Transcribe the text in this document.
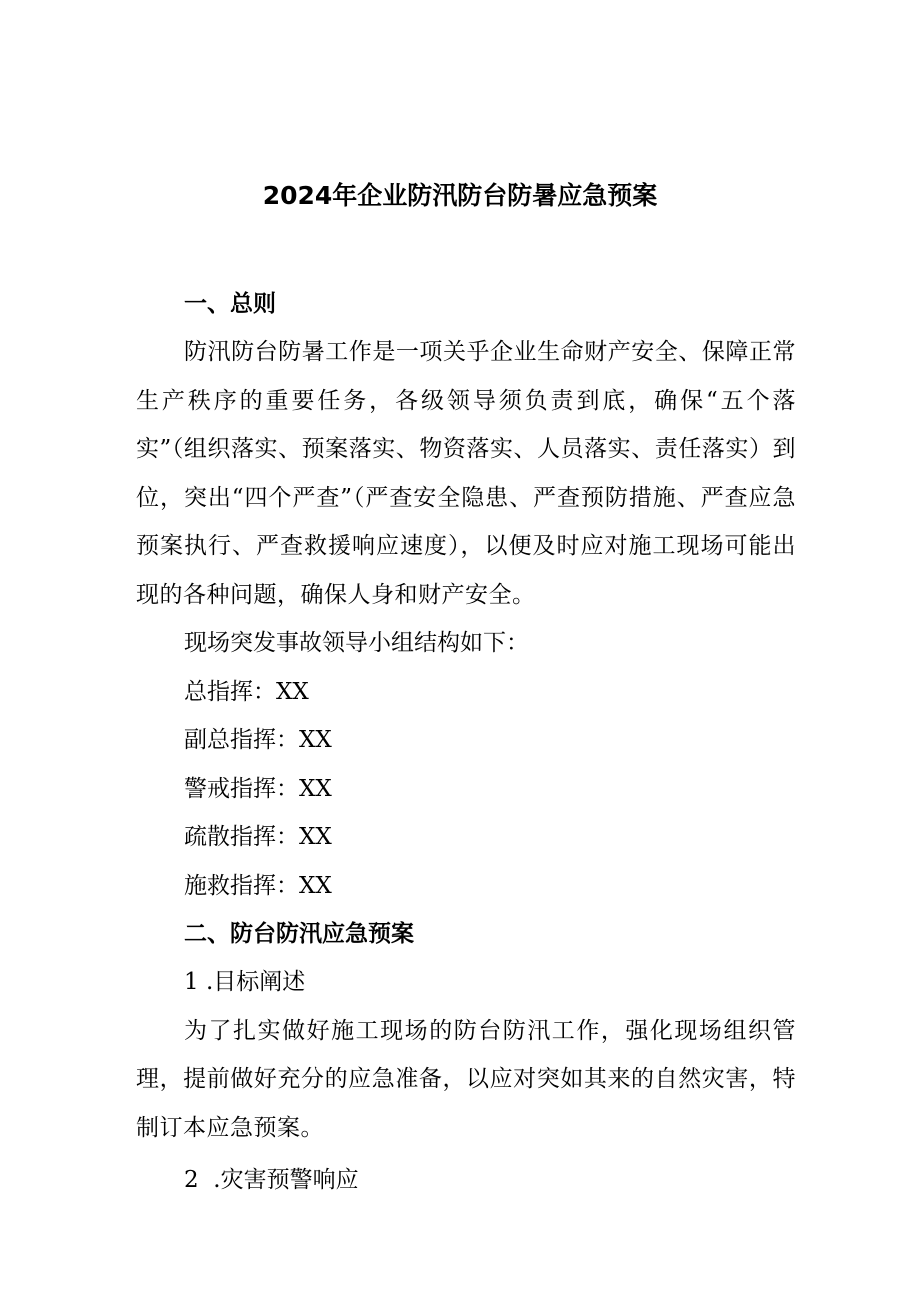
2024年企业防汛防台防暑应急预案
一、总则

防汛防台防暑工作是一项关乎企业生命财产安全、保障正常生产秩序的重要任务，各级领导须负责到底，确保“五个落实”（组织落实、预案落实、物资落实、人员落实、责任落实）到位，突出“四个严查”（严查安全隐患、严查预防措施、严查应急预案执行、严查救援响应速度），以便及时应对施工现场可能出现的各种问题，确保人身和财产安全。

现场突发事故领导小组结构如下：

总指挥：XX

副总指挥：XX

警戒指挥：XX

疏散指挥：XX

施救指挥：XX

二、防台防汛应急预案

1 .目标阐述

为了扎实做好施工现场的防台防汛工作，强化现场组织管理，提前做好充分的应急准备，以应对突如其来的自然灾害，特制订本应急预案。

2  .灾害预警响应
